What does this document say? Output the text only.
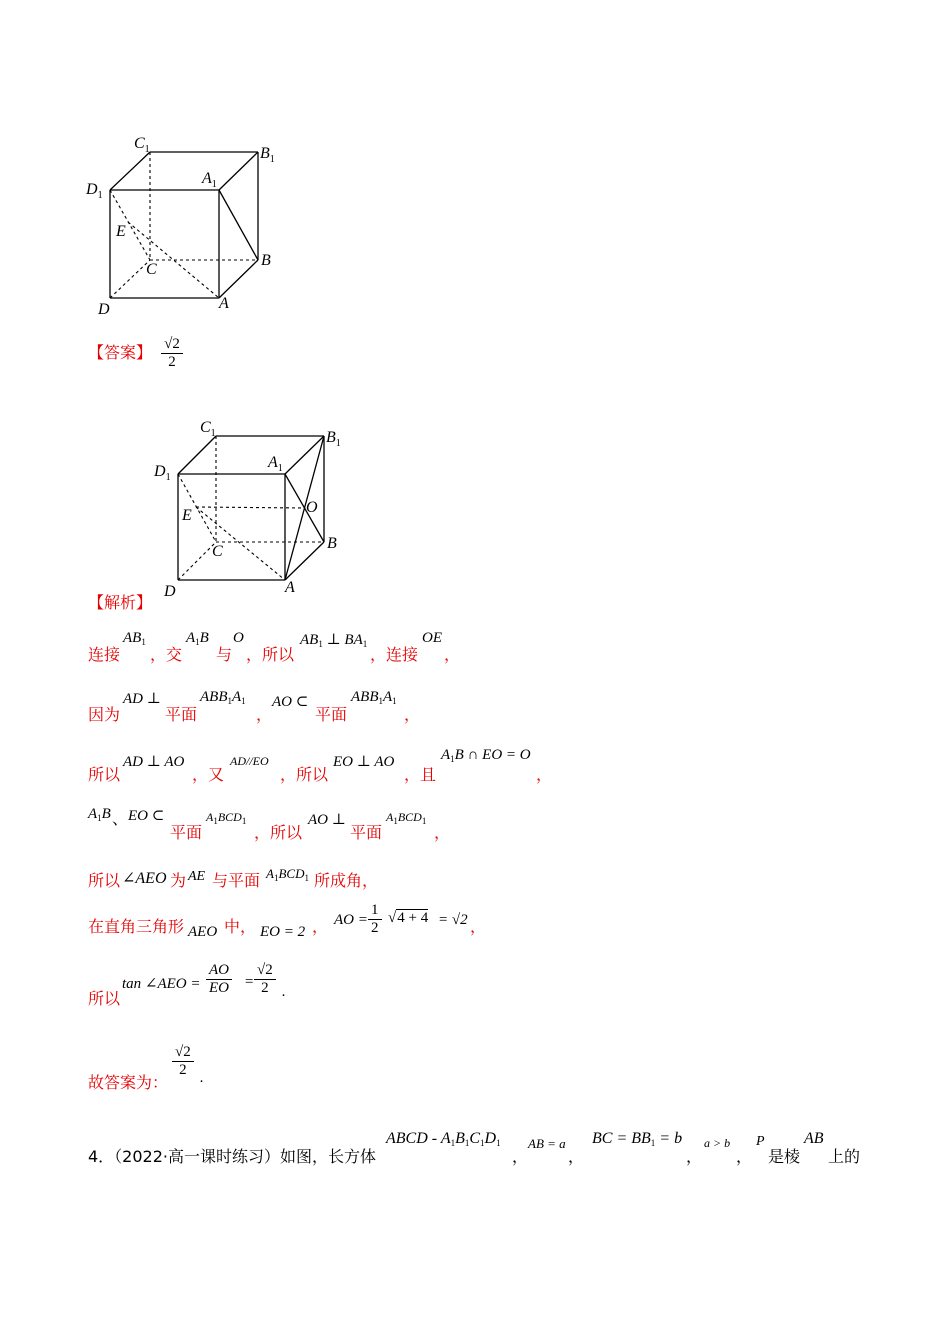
$C_1$	$B_1$
$D_1$
$A_1$
E
C
B
D	A
【答案】 $\frac{√2}{2}$
$C_1$	$B_1$
$D_1$
$A_1$
O
E
C	B
D	A
【解析】
连接
$AB_1$
，交
$A_1B$
与
O
，所以
$AB_1$ ⊥ $BA_1$
，连接
OE
，
因为
AD ⊥
平面
$ABB_1A_1$
，
AO ⊂
平面
$ABB_1A_1$
，
所以
AD ⊥ AO
，又
AD//EO
，所以
EO ⊥ AO
，且
$A_1B$ ∩ EO = O
，
$A_1B$ 、 EO ⊂
平面
$A_1BCD_1$
，所以
AO ⊥
平面
$A_1BCD_1$
，
所以 ∠AEO 为 AE 与平面 $A_1BCD_1$ 所成角，
在直角三角形 AEO 中， EO = 2 ， AO = $\frac{1}{2} √4 + 4 = √2$ ，
所以
tan ∠AEO = $\frac{AO}{EO} = \frac{√2}{2}$ .
故答案为：
$\frac{√2}{2}$ .
4．（2022·高一课时练习）如图，长方体
ABCD - $A_1B_1C_1D_1$
，
AB = a
，
BC = $BB_1 = b$
，
a > b
，
P
是棱
AB
上的
